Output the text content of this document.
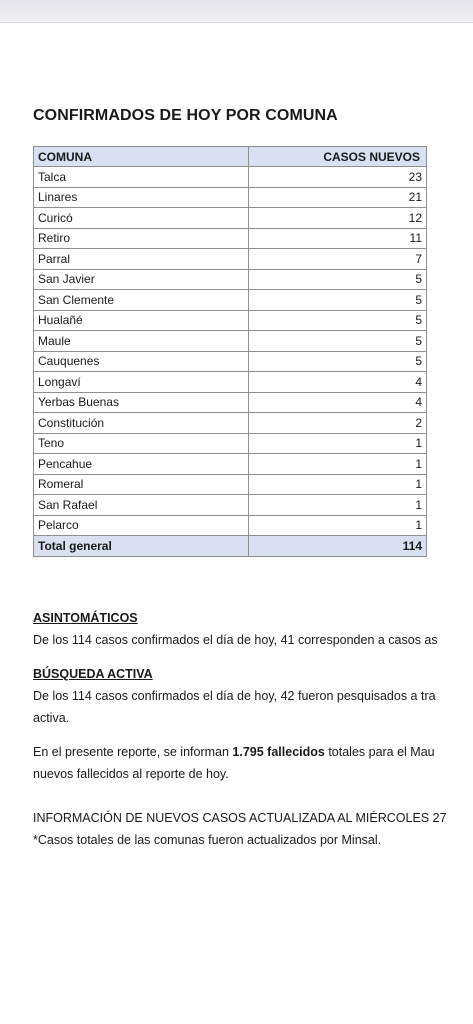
CONFIRMADOS DE HOY POR COMUNA
COMUNA	CASOS NUEVOS
Talca	23
Linares	21
Curicó	12
Retiro	11
Parral	7
San Javier	5
San Clemente	5
Hualañé	5
Maule	5
Cauquenes	5
Longaví	4
Yerbas Buenas	4
Constitución	2
Teno	1
Pencahue	1
Romeral	1
San Rafael	1
Pelarco	1
Total general	114
ASINTOMÁTICOS
De los 114 casos confirmados el día de hoy, 41 corresponden a casos as
BÚSQUEDA ACTIVA
De los 114 casos confirmados el día de hoy, 42 fueron pesquisados a tra
activa.
En el presente reporte, se informan 1.795 fallecidos totales para el Mau
nuevos fallecidos al reporte de hoy.
INFORMACIÓN DE NUEVOS CASOS ACTUALIZADA AL MIÉRCOLES 27
*Casos totales de las comunas fueron actualizados por Minsal.
